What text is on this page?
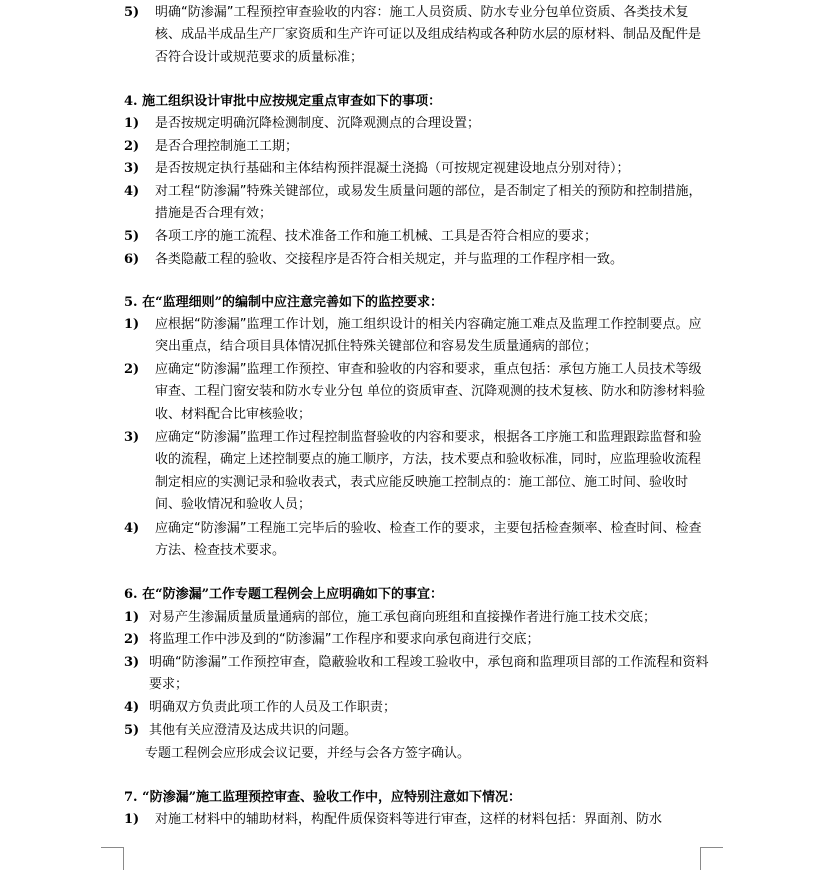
5) 明确“防渗漏”工程预控审查验收的内容：施工人员资质、防水专业分包单位资质、各类技术复核、成品半成品生产厂家资质和生产许可证以及组成结构或各种防水层的原材料、制品及配件是否符合设计或规范要求的质量标准；
4. 施工组织设计审批中应按规定重点审查如下的事项：
1) 是否按规定明确沉降检测制度、沉降观测点的合理设置；
2) 是否合理控制施工工期；
3) 是否按规定执行基础和主体结构预拌混凝土浇捣（可按规定视建设地点分别对待）；
4) 对工程“防渗漏”特殊关键部位，或易发生质量问题的部位，是否制定了相关的预防和控制措施，措施是否合理有效；
5) 各项工序的施工流程、技术准备工作和施工机械、工具是否符合相应的要求；
6) 各类隐蔽工程的验收、交接程序是否符合相关规定，并与监理的工作程序相一致。
5. 在“监理细则”的编制中应注意完善如下的监控要求：
1) 应根据“防渗漏”监理工作计划，施工组织设计的相关内容确定施工难点及监理工作控制要点。应突出重点，结合项目具体情况抓住特殊关键部位和容易发生质量通病的部位；
2) 应确定“防渗漏”监理工作预控、审查和验收的内容和要求，重点包括：承包方施工人员技术等级审查、工程门窗安装和防水专业分包 单位的资质审查、沉降观测的技术复核、防水和防渗材料验收、材料配合比审核验收；
3) 应确定“防渗漏”监理工作过程控制监督验收的内容和要求，根据各工序施工和监理跟踪监督和验收的流程，确定上述控制要点的施工顺序，方法，技术要点和验收标准，同时，应监理验收流程制定相应的实测记录和验收表式，表式应能反映施工控制点的：施工部位、施工时间、验收时间、验收情况和验收人员；
4) 应确定“防渗漏”工程施工完毕后的验收、检查工作的要求，主要包括检查频率、检查时间、检查方法、检查技术要求。
6. 在“防渗漏”工作专题工程例会上应明确如下的事宜：
1) 对易产生渗漏质量质量通病的部位，施工承包商向班组和直接操作者进行施工技术交底；
2) 将监理工作中涉及到的“防渗漏”工作程序和要求向承包商进行交底；
3) 明确“防渗漏”工作预控审查，隐蔽验收和工程竣工验收中，承包商和监理项目部的工作流程和资料要求；
4) 明确双方负责此项工作的人员及工作职责；
5) 其他有关应澄清及达成共识的问题。
专题工程例会应形成会议记要，并经与会各方签字确认。
7. “防渗漏”施工监理预控审查、验收工作中，应特别注意如下情况：
1) 对施工材料中的辅助材料，构配件质保资料等进行审查，这样的材料包括：界面剂、防水
